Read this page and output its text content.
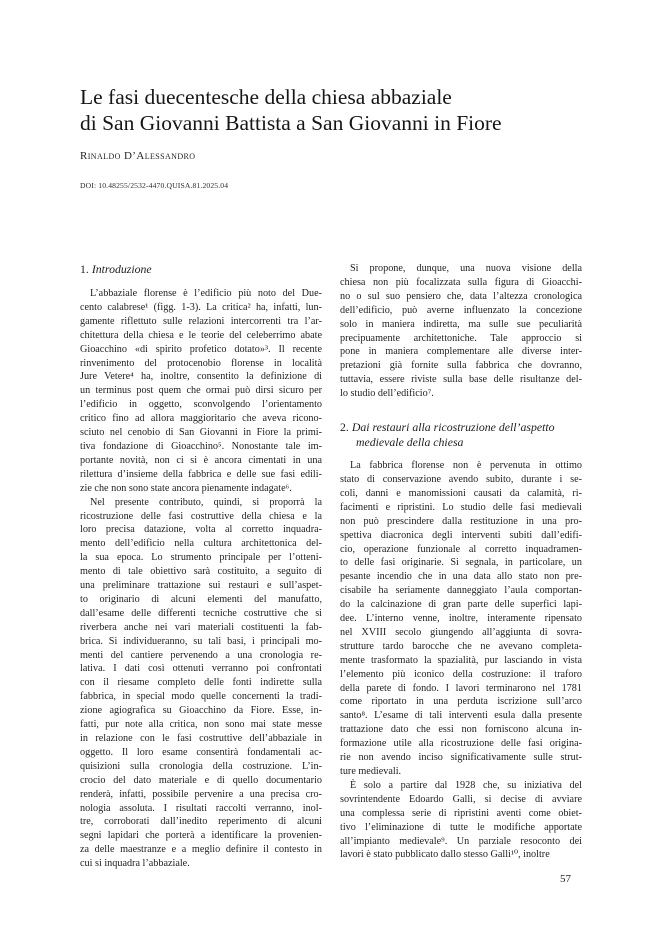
Le fasi duecentesche della chiesa abbaziale
di San Giovanni Battista a San Giovanni in Fiore

Rinaldo D’Alessandro

DOI: 10.48255/2532-4470.QUISA.81.2025.04

1. Introduzione
L’abbaziale florense è l’edificio più noto del Due-
cento calabrese¹ (figg. 1-3). La critica² ha, infatti, lun-
gamente riflettuto sulle relazioni intercorrenti tra l’ar-
chitettura della chiesa e le teorie del celeberrimo abate
Gioacchino «di spirito profetico dotato»³. Il recente
rinvenimento del protocenobio florense in località
Jure Vetere⁴ ha, inoltre, consentito la definizione di
un terminus post quem che ormai può dirsi sicuro per
l’edificio in oggetto, sconvolgendo l’orientamento
critico fino ad allora maggioritario che aveva ricono-
sciuto nel cenobio di San Giovanni in Fiore la primi-
tiva fondazione di Gioacchino⁵. Nonostante tale im-
portante novità, non ci si è ancora cimentati in una
rilettura d’insieme della fabbrica e delle sue fasi edili-
zie che non sono state ancora pienamente indagate⁶.
Nel presente contributo, quindi, si proporrà la
ricostruzione delle fasi costruttive della chiesa e la
loro precisa datazione, volta al corretto inquadra-
mento dell’edificio nella cultura architettonica del-
la sua epoca. Lo strumento principale per l’otteni-
mento di tale obiettivo sarà costituito, a seguito di
una preliminare trattazione sui restauri e sull’aspet-
to originario di alcuni elementi del manufatto,
dall’esame delle differenti tecniche costruttive che si
riverbera anche nei vari materiali costituenti la fab-
brica. Si individueranno, su tali basi, i principali mo-
menti del cantiere pervenendo a una cronologia re-
lativa. I dati così ottenuti verranno poi confrontati
con il riesame completo delle fonti indirette sulla
fabbrica, in special modo quelle concernenti la tradi-
zione agiografica su Gioacchino da Fiore. Esse, in-
fatti, pur note alla critica, non sono mai state messe
in relazione con le fasi costruttive dell’abbaziale in
oggetto. Il loro esame consentirà fondamentali ac-
quisizioni sulla cronologia della costruzione. L’in-
crocio del dato materiale e di quello documentario
renderà, infatti, possibile pervenire a una precisa cro-
nologia assoluta. I risultati raccolti verranno, inol-
tre, corroborati dall’inedito reperimento di alcuni
segni lapidari che porterà a identificare la provenien-
za delle maestranze e a meglio definire il contesto in
cui si inquadra l’abbaziale.
Si propone, dunque, una nuova visione della
chiesa non più focalizzata sulla figura di Gioacchi-
no o sul suo pensiero che, data l’altezza cronologica
dell’edificio, può averne influenzato la concezione
solo in maniera indiretta, ma sulle sue peculiarità
precipuamente architettoniche. Tale approccio si
pone in maniera complementare alle diverse inter-
pretazioni già fornite sulla fabbrica che dovranno,
tuttavia, essere riviste sulla base delle risultanze del-
lo studio dell’edificio⁷.
2. Dai restauri alla ricostruzione dell’aspetto medievale della chiesa
La fabbrica florense non è pervenuta in ottimo
stato di conservazione avendo subito, durante i se-
coli, danni e manomissioni causati da calamità, ri-
facimenti e ripristini. Lo studio delle fasi medievali
non può prescindere dalla restituzione in una pro-
spettiva diacronica degli interventi subiti dall’edifi-
cio, operazione funzionale al corretto inquadramen-
to delle fasi originarie. Si segnala, in particolare, un
pesante incendio che in una data allo stato non pre-
cisabile ha seriamente danneggiato l’aula comportan-
do la calcinazione di gran parte delle superfici lapi-
dee. L’interno venne, inoltre, interamente ripensato
nel XVIII secolo giungendo all’aggiunta di sovra-
strutture tardo barocche che ne avevano completa-
mente trasformato la spazialità, pur lasciando in vista
l’elemento più iconico della costruzione: il traforo
della parete di fondo. I lavori terminarono nel 1781
come riportato in una perduta iscrizione sull’arco
santo⁸. L’esame di tali interventi esula dalla presente
trattazione dato che essi non forniscono alcuna in-
formazione utile alla ricostruzione delle fasi origina-
rie non avendo inciso significativamente sulle strut-
ture medievali.
È solo a partire dal 1928 che, su iniziativa del
sovrintendente Edoardo Galli, si decise di avviare
una complessa serie di ripristini aventi come obiet-
tivo l’eliminazione di tutte le modifiche apportate
all’impianto medievale⁹. Un parziale resoconto dei
lavori è stato pubblicato dallo stesso Galli¹⁰, inoltre

57
